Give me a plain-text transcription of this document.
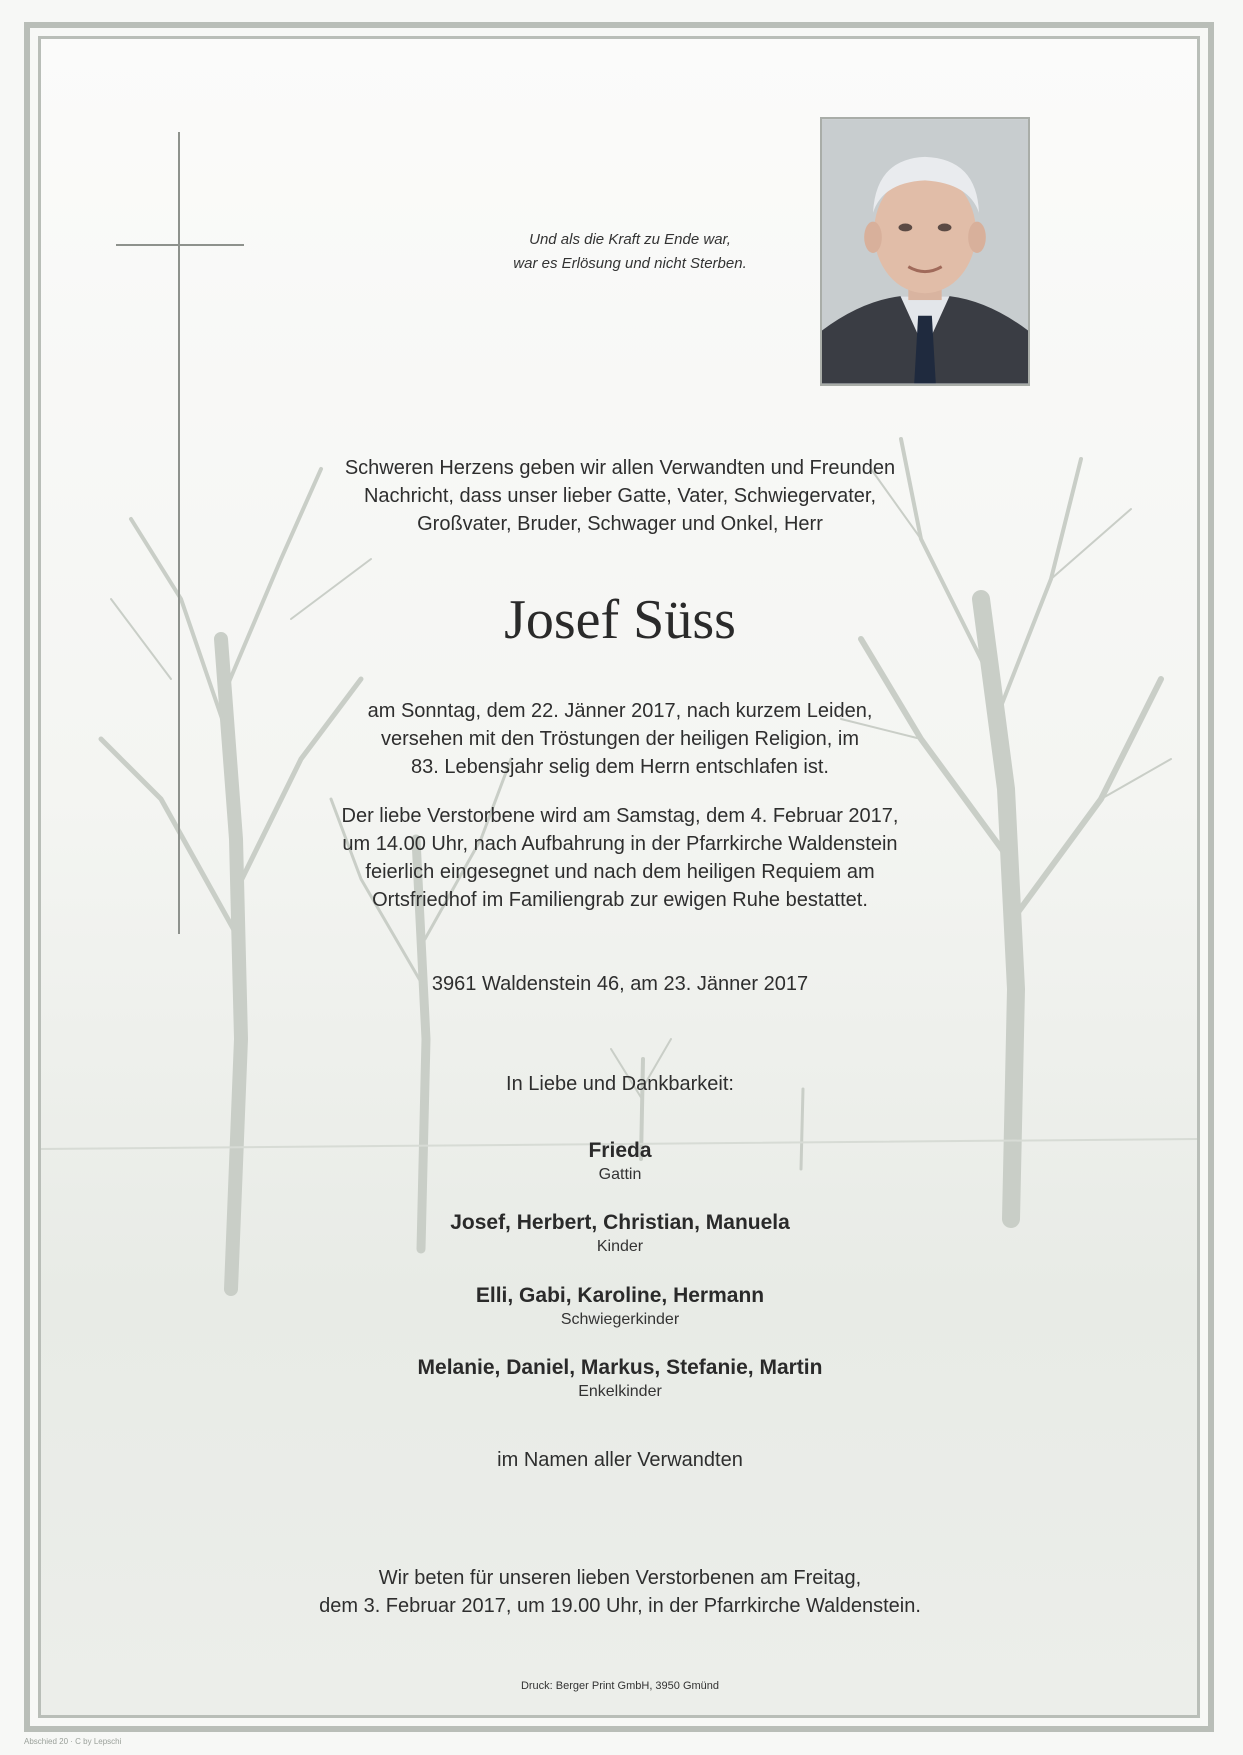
Und als die Kraft zu Ende war,
war es Erlösung und nicht Sterben.
Schweren Herzens geben wir allen Verwandten und Freunden
Nachricht, dass unser lieber Gatte, Vater, Schwiegervater,
Großvater, Bruder, Schwager und Onkel, Herr
Josef Süss
am Sonntag, dem 22. Jänner 2017, nach kurzem Leiden,
versehen mit den Tröstungen der heiligen Religion, im
83. Lebensjahr selig dem Herrn entschlafen ist.
Der liebe Verstorbene wird am Samstag, dem 4. Februar 2017,
um 14.00 Uhr, nach Aufbahrung in der Pfarrkirche Waldenstein
feierlich eingesegnet und nach dem heiligen Requiem am
Ortsfriedhof im Familiengrab zur ewigen Ruhe bestattet.
3961 Waldenstein 46, am 23. Jänner 2017
In Liebe und Dankbarkeit:
Frieda
Gattin
Josef, Herbert, Christian, Manuela
Kinder
Elli, Gabi, Karoline, Hermann
Schwiegerkinder
Melanie, Daniel, Markus, Stefanie, Martin
Enkelkinder
im Namen aller Verwandten
Wir beten für unseren lieben Verstorbenen am Freitag,
dem 3. Februar 2017, um 19.00 Uhr, in der Pfarrkirche Waldenstein.
Druck: Berger Print GmbH, 3950 Gmünd
Abschied 20 · C by Lepschi
